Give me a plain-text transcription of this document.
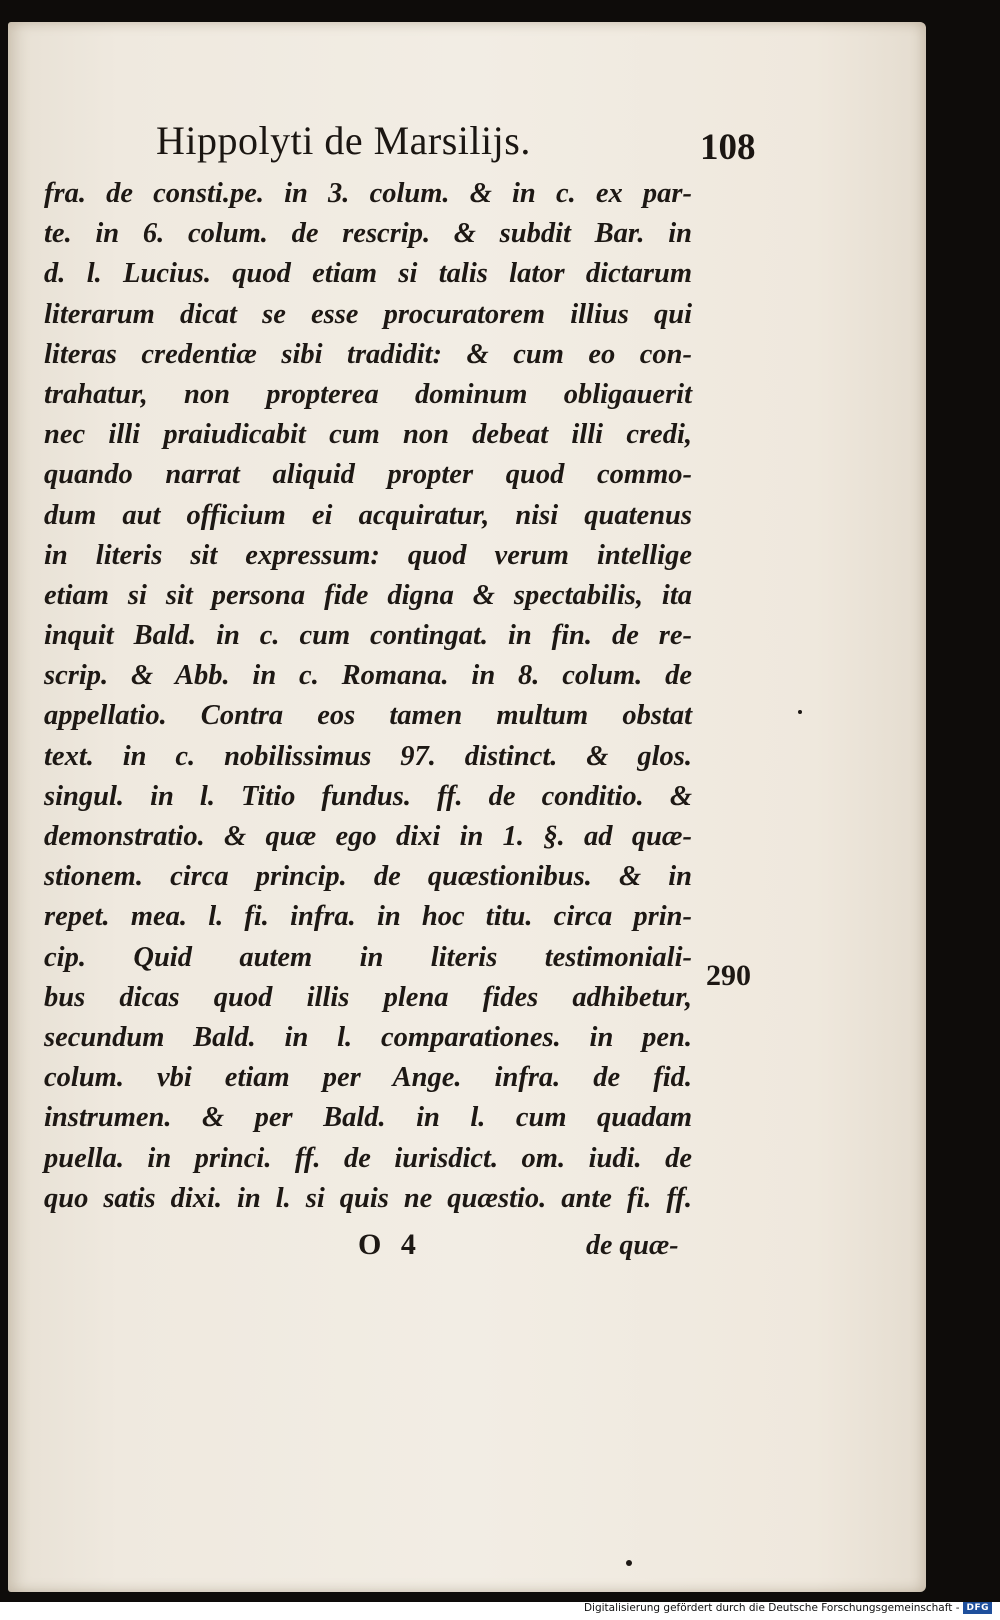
Hippolyti de Marsilijs.	108
fra. de consti.pe. in 3. colum. & in c. ex par-
te. in 6. colum. de rescrip. & subdit Bar. in
d. l. Lucius. quod etiam si talis lator dictarum
literarum dicat se esse procuratorem illius qui
literas credentiæ sibi tradidit: & cum eo con-
trahatur, non propterea dominum obligauerit
nec illi praiudicabit cum non debeat illi credi,
quando narrat aliquid propter quod commo-
dum aut officium ei acquiratur, nisi quatenus
in literis sit expressum: quod verum intellige
etiam si sit persona fide digna & spectabilis, ita
inquit Bald. in c. cum contingat. in fin. de re-
scrip. & Abb. in c. Romana. in 8. colum. de
appellatio. Contra eos tamen multum obstat
text. in c. nobilissimus 97. distinct. & glos.
singul. in l. Titio fundus. ff. de conditio. &
demonstratio. & quæ ego dixi in 1. §. ad quæ-
stionem. circa princip. de quæstionibus. & in
repet. mea. l. fi. infra. in hoc titu. circa prin-
cip. Quid autem in literis testimoniali-
bus dicas quod illis plena fides adhibetur,
secundum Bald. in l. comparationes. in pen.
colum. vbi etiam per Ange. infra. de fid.
instrumen. & per Bald. in l. cum quadam
puella. in princi. ff. de iurisdict. om. iudi. de
quo satis dixi. in l. si quis ne quæstio. ante fi. ff.
290
O 4	de quæ-
Digitalisierung gefördert durch die Deutsche Forschungsgemeinschaft - DFG
